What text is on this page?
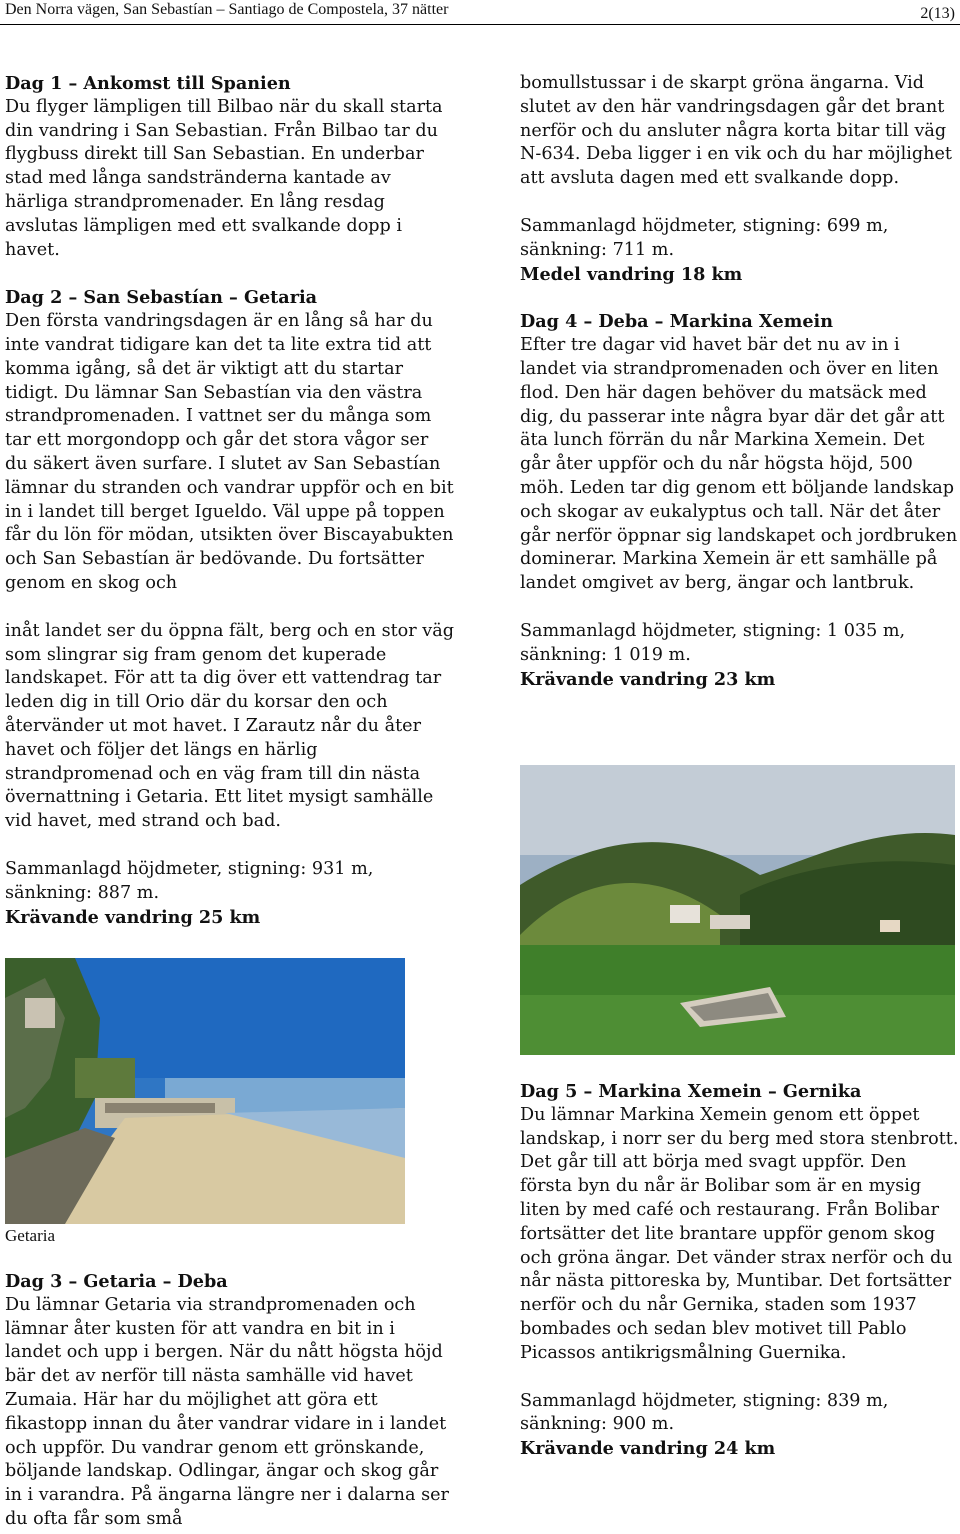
Den Norra vägen, San Sebastían – Santiago de Compostela, 37 nätter	2(13)

Dag 1 – Ankomst till Spanien

Du flyger lämpligen till Bilbao när du skall starta din vandring i San Sebastian. Från Bilbao tar du flygbuss direkt till San Sebastian. En underbar stad med långa sandstränderna kantade av härliga strandpromenader. En lång resdag avslutas lämpligen med ett svalkande dopp i havet.

Dag 2 – San Sebastían – Getaria

Den första vandringsdagen är en lång så har du inte vandrat tidigare kan det ta lite extra tid att komma igång, så det är viktigt att du startar tidigt. Du lämnar San Sebastían via den västra strandpromenaden. I vattnet ser du många som tar ett morgondopp och går det stora vågor ser du säkert även surfare. I slutet av San Sebastían lämnar du stranden och vandrar uppför och en bit in i landet till berget Igueldo. Väl uppe på toppen får du lön för mödan, utsikten över Biscayabukten och San Sebastían är bedövande. Du fortsätter genom en skog och

inåt landet ser du öppna fält, berg och en stor väg som slingrar sig fram genom det kuperade landskapet. För att ta dig över ett vattendrag tar leden dig in till Orio där du korsar den och återvänder ut mot havet. I Zarautz når du åter havet och följer det längs en härlig strandpromenad och en väg fram till din nästa övernattning i Getaria. Ett litet mysigt samhälle vid havet, med strand och bad.

Sammanlagd höjdmeter, stigning: 931 m, sänkning: 887 m.

Krävande vandring 25 km

Getaria

Dag 3 – Getaria – Deba

Du lämnar Getaria via strandpromenaden och lämnar åter kusten för att vandra en bit in i landet och upp i bergen. När du nått högsta höjd bär det av nerför till nästa samhälle vid havet Zumaia. Här har du möjlighet att göra ett fikastopp innan du åter vandrar vidare in i landet och uppför. Du vandrar genom ett grönskande, böljande landskap. Odlingar, ängar och skog går in i varandra. På ängarna längre ner i dalarna ser du ofta får som små

bomullstussar i de skarpt gröna ängarna. Vid slutet av den här vandringsdagen går det brant nerför och du ansluter några korta bitar till väg N-634. Deba ligger i en vik och du har möjlighet att avsluta dagen med ett svalkande dopp.

Sammanlagd höjdmeter, stigning: 699 m, sänkning: 711 m.

Medel vandring 18 km

Dag 4 – Deba – Markina Xemein

Efter tre dagar vid havet bär det nu av in i landet via strandpromenaden och över en liten flod. Den här dagen behöver du matsäck med dig, du passerar inte några byar där det går att äta lunch förrän du når Markina Xemein. Det går åter uppför och du når högsta höjd, 500 möh. Leden tar dig genom ett böljande landskap och skogar av eukalyptus och tall. När det åter går nerför öppnar sig landskapet och jordbruken dominerar. Markina Xemein är ett samhälle på landet omgivet av berg, ängar och lantbruk.

Sammanlagd höjdmeter, stigning: 1 035 m, sänkning: 1 019 m.

Krävande vandring 23 km

Dag 5 – Markina Xemein – Gernika

Du lämnar Markina Xemein genom ett öppet landskap, i norr ser du berg med stora stenbrott. Det går till att börja med svagt uppför. Den första byn du når är Bolibar som är en mysig liten by med café och restaurang. Från Bolibar fortsätter det lite brantare uppför genom skog och gröna ängar. Det vänder strax nerför och du når nästa pittoreska by, Muntibar. Det fortsätter nerför och du når Gernika, staden som 1937 bombades och sedan blev motivet till Pablo Picassos antikrigsmålning Guernika.

Sammanlagd höjdmeter, stigning: 839 m, sänkning: 900 m.

Krävande vandring 24 km
